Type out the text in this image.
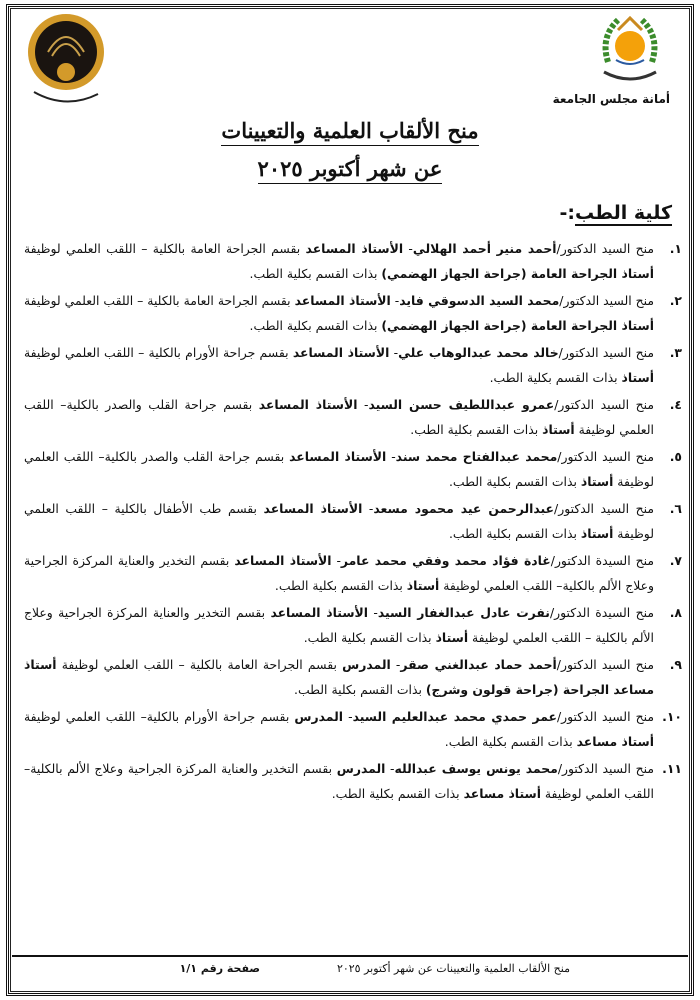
أمانة مجلس الجامعة
منح الألقاب العلمية والتعيينات
عن شهر أكتوبر ٢٠٢٥
كلية الطب:-
١.
منح السيد الدكتور/أحمد منير أحمد الهلالي- الأستاذ المساعد بقسم الجراحة العامة بالكلية – اللقب العلمي لوظيفة أستاذ الجراحة العامة (جراحة الجهاز الهضمي) بذات القسم بكلية الطب.
٢.
منح السيد الدكتور/محمد السيد الدسوقي فايد- الأستاذ المساعد بقسم الجراحة العامة بالكلية – اللقب العلمي لوظيفة أستاذ الجراحة العامة (جراحة الجهاز الهضمي) بذات القسم بكلية الطب.
٣.
منح السيد الدكتور/خالد محمد عبدالوهاب علي- الأستاذ المساعد بقسم جراحة الأورام بالكلية – اللقب العلمي لوظيفة أستاذ بذات القسم بكلية الطب.
٤.
منح السيد الدكتور/عمرو عبداللطيف حسن السيد- الأستاذ المساعد بقسم جراحة القلب والصدر بالكلية– اللقب العلمي لوظيفة أستاذ بذات القسم بكلية الطب.
٥.
منح السيد الدكتور/محمد عبدالفتاح محمد سند- الأستاذ المساعد بقسم جراحة القلب والصدر بالكلية– اللقب العلمي لوظيفة أستاذ بذات القسم بكلية الطب.
٦.
منح السيد الدكتور/عبدالرحمن عيد محمود مسعد- الأستاذ المساعد بقسم طب الأطفال بالكلية – اللقب العلمي لوظيفة أستاذ بذات القسم بكلية الطب.
٧.
منح السيدة الدكتور/غادة فؤاد محمد وفقي محمد عامر- الأستاذ المساعد بقسم التخدير والعناية المركزة الجراحية وعلاج الألم بالكلية– اللقب العلمي لوظيفة أستاذ بذات القسم بكلية الطب.
٨.
منح السيدة الدكتور/نفرت عادل عبدالغفار السيد- الأستاذ المساعد بقسم التخدير والعناية المركزة الجراحية وعلاج الألم بالكلية – اللقب العلمي لوظيفة أستاذ بذات القسم بكلية الطب.
٩.
منح السيد الدكتور/أحمد حماد عبدالغني صقر- المدرس بقسم الجراحة العامة بالكلية – اللقب العلمي لوظيفة أستاذ مساعد الجراحة (جراحة قولون وشرج) بذات القسم بكلية الطب.
١٠.
منح السيد الدكتور/عمر حمدي محمد عبدالعليم السيد- المدرس بقسم جراحة الأورام بالكلية– اللقب العلمي لوظيفة أستاذ مساعد بذات القسم بكلية الطب.
١١.
منح السيد الدكتور/محمد يونس يوسف عبدالله- المدرس بقسم التخدير والعناية المركزة الجراحية وعلاج الألم بالكلية– اللقب العلمي لوظيفة أستاذ مساعد بذات القسم بكلية الطب.
منح الألقاب العلمية والتعيينات عن شهر أكتوبر ٢٠٢٥
صفحة رقم ١/١
